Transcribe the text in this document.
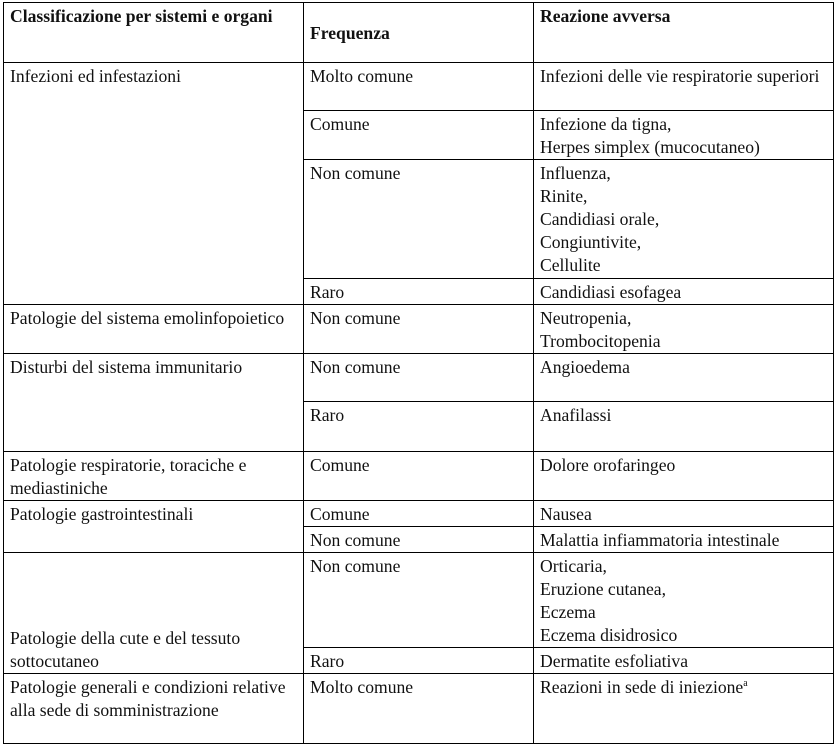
Classificazione per sistemi e organi	Frequenza	Reazione avversa
Infezioni ed infestazioni	Molto comune	Infezioni delle vie respiratorie superiori
	Comune	Infezione da tigna,
Herpes simplex (mucocutaneo)

	Non comune	Influenza,
Rinite,
Candidiasi orale,
Congiuntivite,
Cellulite

	Raro	Candidiasi esofagea
Patologie del sistema emolinfopoietico	Non comune	Neutropenia,
Trombocitopenia

Disturbi del sistema immunitario	Non comune	Angioedema
	Raro	Anafilassi
Patologie respiratorie, toraciche e mediastiniche	Comune	Dolore orofaringeo
Patologie gastrointestinali	Comune	Nausea
	Non comune	Malattia infiammatoria intestinale
Patologie della cute e del tessuto sottocutaneo	Non comune	Orticaria,
Eruzione cutanea,
Eczema
Eczema disidrosico

	Raro	Dermatite esfoliativa
Patologie generali e condizioni relative alla sede di somministrazione	Molto comune	Reazioni in sede di iniezione$^a$
